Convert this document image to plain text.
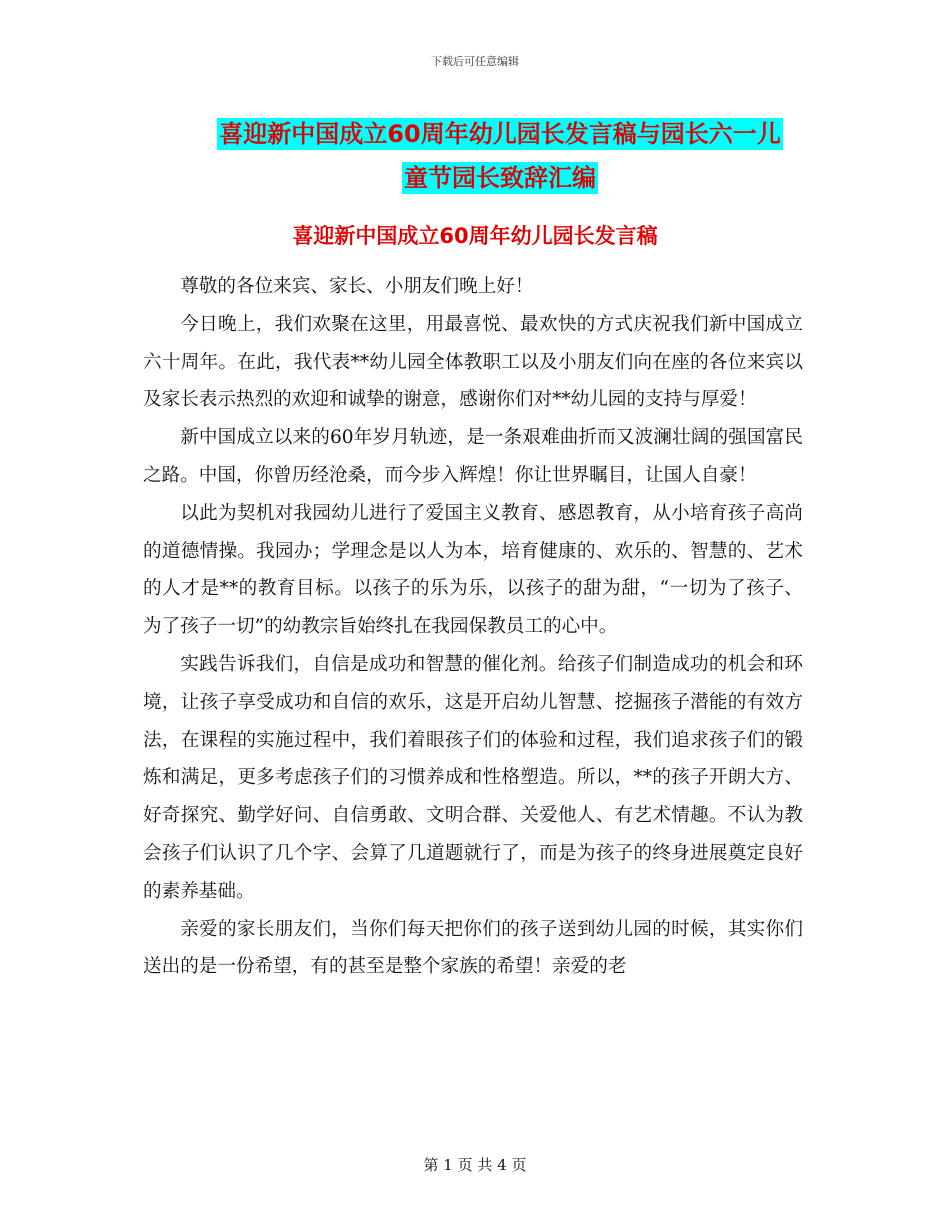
下载后可任意编辑
喜迎新中国成立60周年幼儿园长发言稿与园长六一儿
童节园长致辞汇编
喜迎新中国成立60周年幼儿园长发言稿

尊敬的各位来宾、家长、小朋友们晚上好！

今日晚上，我们欢聚在这里，用最喜悦、最欢快的方式庆祝我们新中国成立六十周年。在此，我代表**幼儿园全体教职工以及小朋友们向在座的各位来宾以及家长表示热烈的欢迎和诚挚的谢意，感谢你们对**幼儿园的支持与厚爱！

新中国成立以来的60年岁月轨迹，是一条艰难曲折而又波澜壮阔的强国富民之路。中国，你曾历经沧桑，而今步入辉煌！你让世界瞩目，让国人自豪！

以此为契机对我园幼儿进行了爱国主义教育、感恩教育，从小培育孩子高尚的道德情操。我园办；学理念是以人为本，培育健康的、欢乐的、智慧的、艺术的人才是**的教育目标。以孩子的乐为乐，以孩子的甜为甜，“一切为了孩子、为了孩子一切”的幼教宗旨始终扎在我园保教员工的心中。

实践告诉我们，自信是成功和智慧的催化剂。给孩子们制造成功的机会和环境，让孩子享受成功和自信的欢乐，这是开启幼儿智慧、挖掘孩子潜能的有效方法，在课程的实施过程中，我们着眼孩子们的体验和过程，我们追求孩子们的锻炼和满足，更多考虑孩子们的习惯养成和性格塑造。所以，**的孩子开朗大方、好奇探究、勤学好问、自信勇敢、文明合群、关爱他人、有艺术情趣。不认为教会孩子们认识了几个字、会算了几道题就行了，而是为孩子的终身进展奠定良好的素养基础。

亲爱的家长朋友们，当你们每天把你们的孩子送到幼儿园的时候，其实你们送出的是一份希望，有的甚至是整个家族的希望！亲爱的老

第 1 页 共 4 页
